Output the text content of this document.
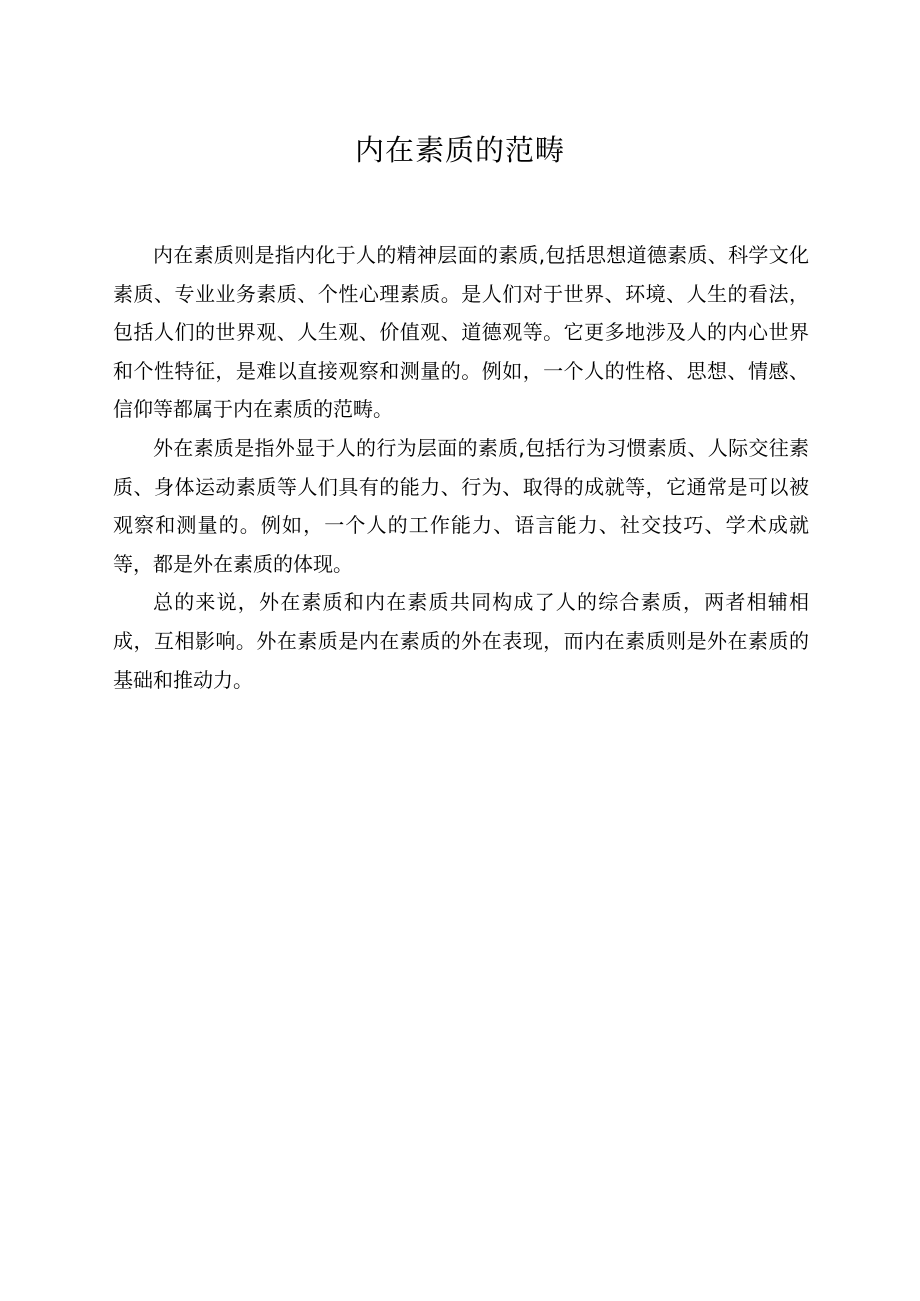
内在素质的范畴

内在素质则是指内化于人的精神层面的素质,包括思想道德素质、科学文化素质、专业业务素质、个性心理素质。是人们对于世界、环境、人生的看法，包括人们的世界观、人生观、价值观、道德观等。它更多地涉及人的内心世界和个性特征，是难以直接观察和测量的。例如，一个人的性格、思想、情感、信仰等都属于内在素质的范畴。

外在素质是指外显于人的行为层面的素质,包括行为习惯素质、人际交往素质、身体运动素质等人们具有的能力、行为、取得的成就等，它通常是可以被观察和测量的。例如，一个人的工作能力、语言能力、社交技巧、学术成就等，都是外在素质的体现。

总的来说，外在素质和内在素质共同构成了人的综合素质，两者相辅相成，互相影响。外在素质是内在素质的外在表现，而内在素质则是外在素质的基础和推动力。
